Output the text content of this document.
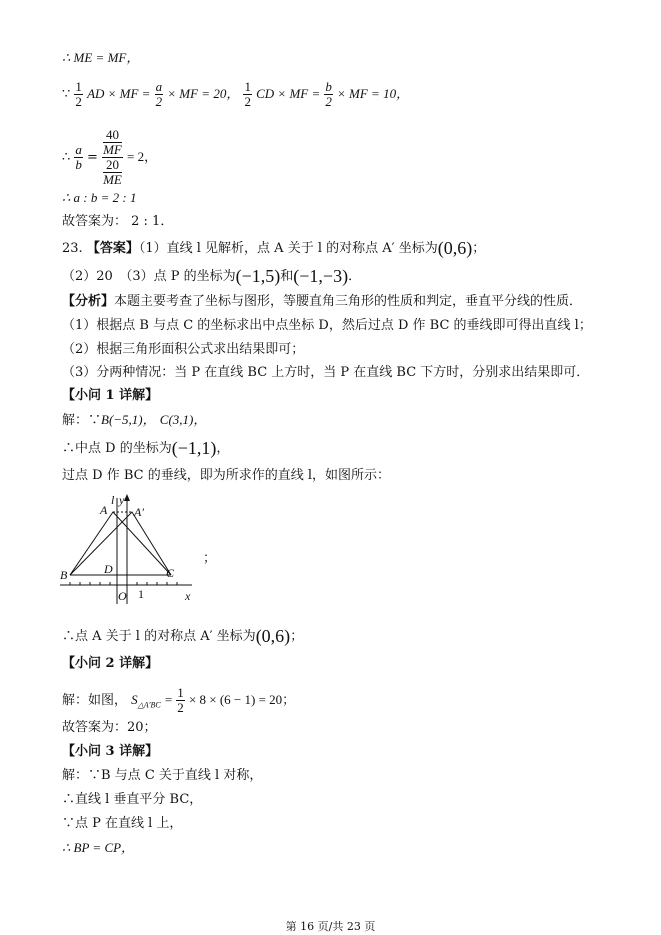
∴ ME = MF，
∵ $\frac{1}{2}$ AD × MF = $\frac{a}{2}$ × MF = 20， $\frac{1}{2}$ CD × MF = $\frac{b}{2}$ × MF = 10，
∴ $\frac{a}{b} = \frac{\frac{40}{MF}}{\frac{20}{ME}} = 2$，
∴ a : b = 2 : 1
故答案为： 2 : 1．
23. 【答案】（1）直线 l 见解析，点 A 关于 l 的对称点 A′ 坐标为(0,6)；
（2）20　（3）点 P 的坐标为(−1,5)和(−1,−3)．
【分析】本题主要考查了坐标与图形，等腰直角三角形的性质和判定，垂直平分线的性质．
（1）根据点 B 与点 C 的坐标求出中点坐标 D，然后过点 D 作 BC 的垂线即可得出直线 l；
（2）根据三角形面积公式求出结果即可；
（3）分两种情况：当 P 在直线 BC 上方时，当 P 在直线 BC 下方时，分别求出结果即可．
【小问 1 详解】
解：∵B(−5,1)， C(3,1)，
∴中点 D 的坐标为(−1,1)，
过点 D 作 BC 的垂线，即为所求作的直线 l，如图所示：
l y
A A′
B	C
D
O 1	x
；
∴点 A 关于 l 的对称点 A′ 坐标为(0,6)；
【小问 2 详解】
解：如图， $S_{\triangle A'BC} = \frac{1}{2} \times 8 \times (6 - 1) = 20$；
故答案为：20；
【小问 3 详解】
解：∵B 与点 C 关于直线 l 对称，
∴直线 l 垂直平分 BC，
∵点 P 在直线 l 上，
∴ BP = CP，
第 16 页/共 23 页
